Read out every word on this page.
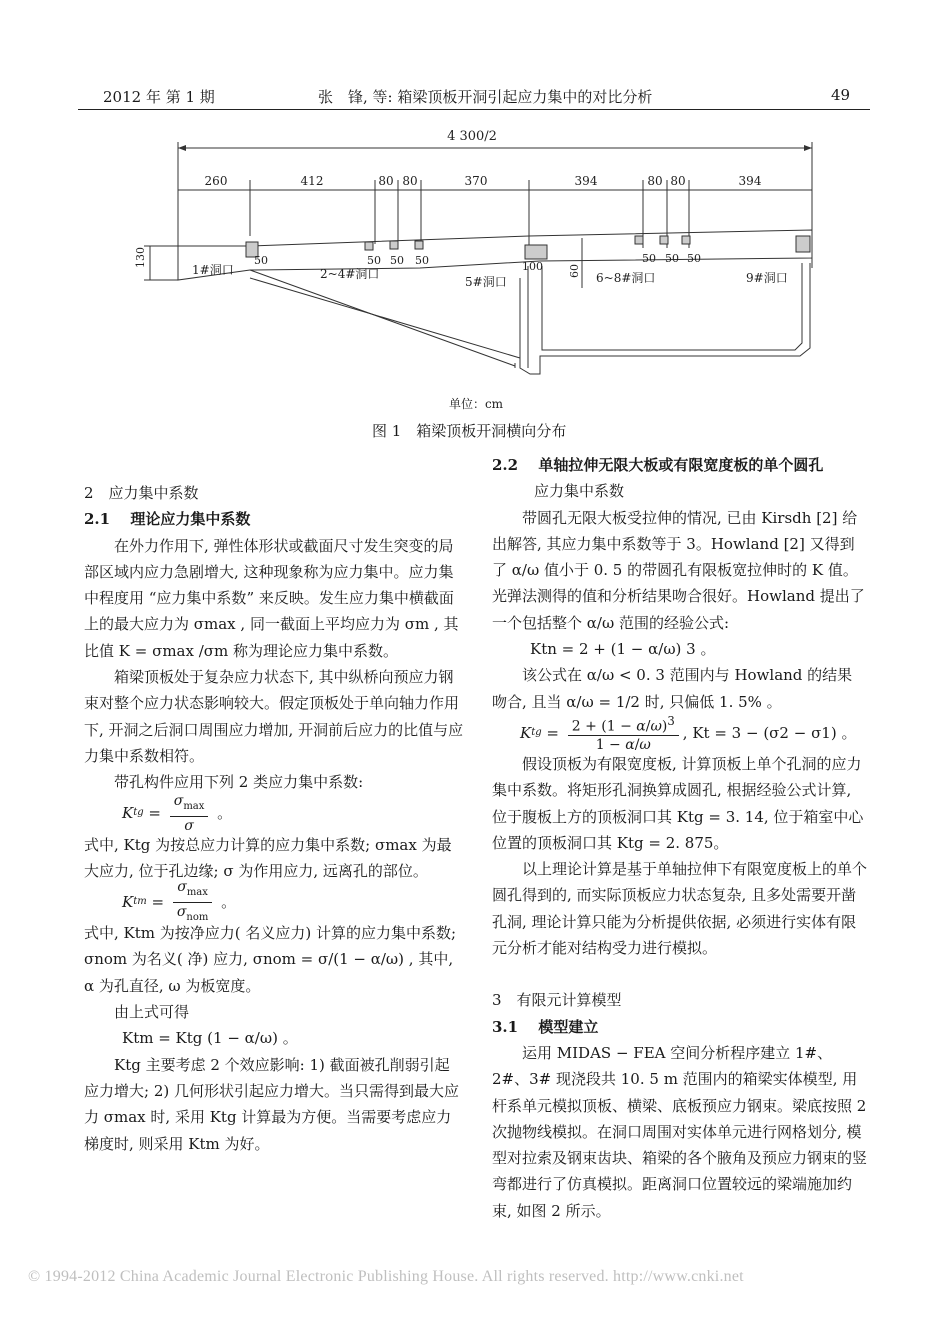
2012 年 第 1 期	张　锋, 等: 箱梁顶板开洞引起应力集中的对比分析	49
4 300/2
260	412	80 80	370	394	80 80	394
130	50	50 50 50	100
50 50 50
60
1#洞口	2~4#洞口
5#洞口	6~8#洞口	9#洞口
单位：cm
图 1　箱梁顶板开洞横向分布

2　应力集中系数

2.1　 理论应力集中系数

在外力作用下, 弹性体形状或截面尺寸发生突变的局部区域内应力急剧增大, 这种现象称为应力集中。应力集中程度用 “应力集中系数” 来反映。发生应力集中横截面上的最大应力为 σmax , 同一截面上平均应力为 σm , 其比值 K = σmax /σm 称为理论应力集中系数。

箱梁顶板处于复杂应力状态下, 其中纵桥向预应力钢束对整个应力状态影响较大。假定顶板处于单向轴力作用下, 开洞之后洞口周围应力增加, 开洞前后应力的比值与应力集中系数相符。

带孔构件应用下列 2 类应力集中系数:

K tg = $\frac{\sigma_{max}}{\sigma}$ 。

式中, Ktg 为按总应力计算的应力集中系数; σmax 为最大应力, 位于孔边缘; σ 为作用应力, 远离孔的部位。

K tm = $\frac{\sigma_{max}}{\sigma_{nom}}$ 。

式中, Ktm 为按净应力( 名义应力) 计算的应力集中系数; σnom 为名义( 净) 应力, σnom = σ/(1 − α/ω) , 其中, α 为孔直径, ω 为板宽度。

由上式可得

Ktm = Ktg (1 − α/ω) 。

Ktg 主要考虑 2 个效应影响: 1) 截面被孔削弱引起应力增大; 2) 几何形状引起应力增大。当只需得到最大应力 σmax 时, 采用 Ktg 计算最为方便。当需要考虑应力梯度时, 则采用 Ktm 为好。

2.2　 单轴拉伸无限大板或有限宽度板的单个圆孔

应力集中系数

带圆孔无限大板受拉伸的情况, 已由 Kirsdh [2] 给出解答, 其应力集中系数等于 3。Howland [2] 又得到了 α/ω 值小于 0. 5 的带圆孔有限板宽拉伸时的 K 值。光弹法测得的值和分析结果吻合很好。Howland 提出了一个包括整个 α/ω 范围的经验公式:

Ktn = 2 + (1 − α/ω) 3 。

该公式在 α/ω < 0. 3 范围内与 Howland 的结果吻合, 且当 α/ω = 1/2 时, 只偏低 1. 5% 。

K tg = $\frac{2 + (1 - \alpha/\omega)^3}{1 - \alpha/\omega}$ , Kt = 3 − (σ2 − σ1) 。

假设顶板为有限宽度板, 计算顶板上单个孔洞的应力集中系数。将矩形孔洞换算成圆孔, 根据经验公式计算, 位于腹板上方的顶板洞口其 Ktg = 3. 14, 位于箱室中心位置的顶板洞口其 Ktg = 2. 875。

以上理论计算是基于单轴拉伸下有限宽度板上的单个圆孔得到的, 而实际顶板应力状态复杂, 且多处需要开凿孔洞, 理论计算只能为分析提供依据, 必须进行实体有限元分析才能对结构受力进行模拟。

3　有限元计算模型

3.1　 模型建立

运用 MIDAS − FEA 空间分析程序建立 1#、2#、3# 现浇段共 10. 5 m 范围内的箱梁实体模型, 用杆系单元模拟顶板、横梁、底板预应力钢束。梁底按照 2 次抛物线模拟。在洞口周围对实体单元进行网格划分, 模型对拉索及钢束齿块、箱梁的各个腋角及预应力钢束的竖弯都进行了仿真模拟。距离洞口位置较远的梁端施加约束, 如图 2 所示。

© 1994-2012 China Academic Journal Electronic Publishing House. All rights reserved. http://www.cnki.net
